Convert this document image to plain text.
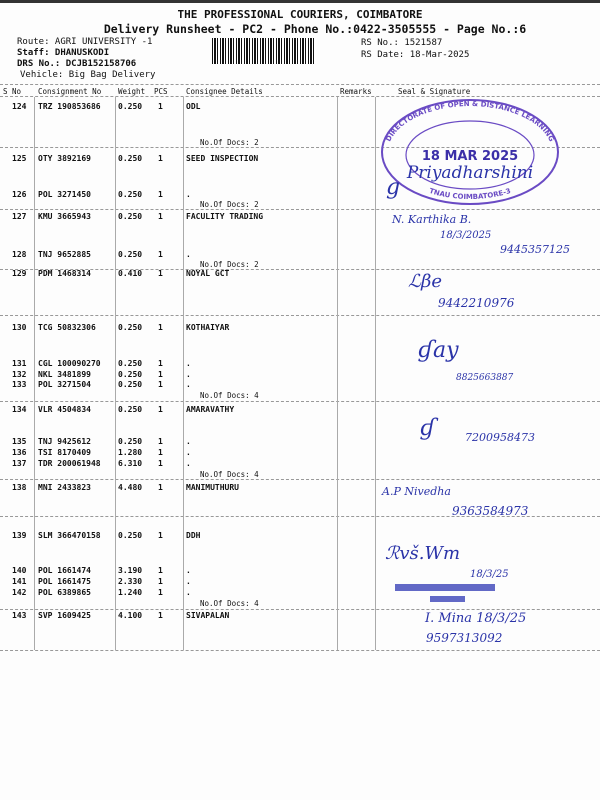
THE PROFESSIONAL COURIERS, COIMBATORE
Delivery Runsheet - PC2 - Phone No.:0422-3505555 - Page No.:6
Route: AGRI UNIVERSITY -1
Staff: DHANUSKODI
DRS No.: DCJB152158706
Vehicle: Big Bag Delivery
RS No.: 1521587
RS Date: 18-Mar-2025
S No Consignment No Weight PCS Consignee Details	Remarks	Seal & Signature
124 TRZ 190853686 0.250 1	ODL
No.Of Docs: 2
125 OTY 3892169	0.250 1	SEED INSPECTION
126 POL 3271450	0.250 1	.
No.Of Docs: 2
127 KMU 3665943	0.250 1	FACULITY TRADING
128 TNJ 9652885	0.250 1	.
No.Of Docs: 2
129 PDM 1468314	0.410 1	NOYAL GCT
130 TCG 50832306	0.250 1	KOTHAIYAR
131 CGL 100090270 0.250 1	.
132 NKL 3481899	0.250 1	.
133 POL 3271504	0.250 1	.
No.Of Docs: 4
134 VLR 4504834	0.250 1	AMARAVATHY
135 TNJ 9425612	0.250 1	.
136 TSI 8170409	1.280 1	.
137 TDR 200061948 6.310 1	.
No.Of Docs: 4
138 MNI 2433823	4.480 1	MANIMUTHURU
139 SLM 366470158 0.250 1	DDH
140 POL 1661474	3.190 1	.
141 POL 1661475	2.330 1	.
142 POL 6389865	1.240 1	.
No.Of Docs: 4
143 SVP 1609425	4.100 1	SIVAPALAN
DIRECTORATE OF OPEN & DISTANCE LEARNING
TNAU COIMBATORE-3
18 MAR 2025
Priyadharshini
g
N. Karthika B.
18/3/2025
9445357125
ℒβe
9442210976
ɠay
8825663887
ɠ	7200958473
A.P Nivedha
9363584973
ℛvš.Wm
18/3/25
I. Mina 18/3/25
9597313092
